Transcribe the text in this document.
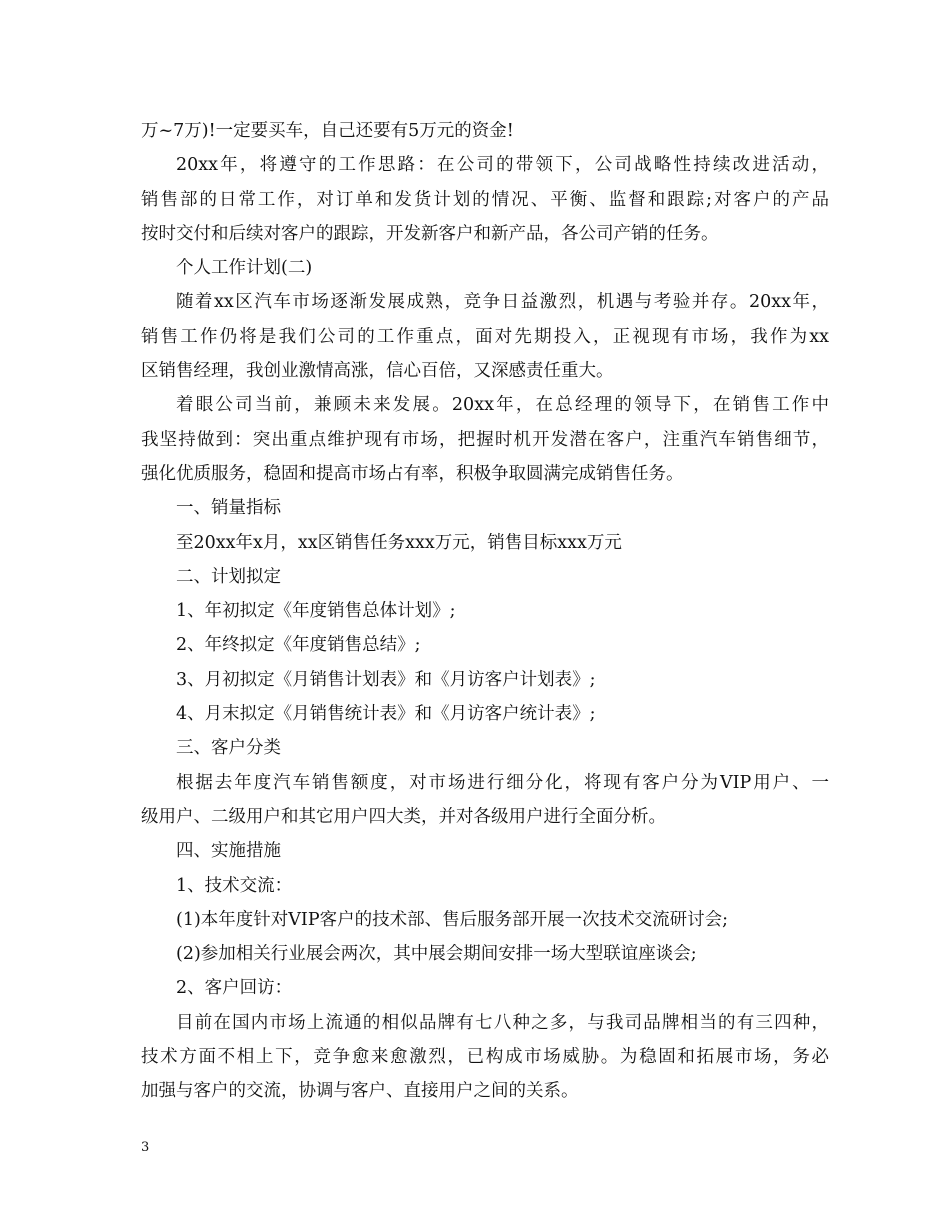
万~7万)!一定要买车，自己还要有5万元的资金!
20xx年，将遵守的工作思路：在公司的带领下，公司战略性持续改进活动，
销售部的日常工作，对订单和发货计划的情况、平衡、监督和跟踪;对客户的产品
按时交付和后续对客户的跟踪，开发新客户和新产品，各公司产销的任务。
个人工作计划(二)
随着xx区汽车市场逐渐发展成熟，竞争日益激烈，机遇与考验并存。20xx年，
销售工作仍将是我们公司的工作重点，面对先期投入，正视现有市场，我作为xx
区销售经理，我创业激情高涨，信心百倍，又深感责任重大。
着眼公司当前，兼顾未来发展。20xx年，在总经理的领导下，在销售工作中
我坚持做到：突出重点维护现有市场，把握时机开发潜在客户，注重汽车销售细节，
强化优质服务，稳固和提高市场占有率，积极争取圆满完成销售任务。
一、销量指标
至20xx年x月，xx区销售任务xxx万元，销售目标xxx万元
二、计划拟定
1、年初拟定《年度销售总体计划》;
2、年终拟定《年度销售总结》;
3、月初拟定《月销售计划表》和《月访客户计划表》;
4、月末拟定《月销售统计表》和《月访客户统计表》;
三、客户分类
根据去年度汽车销售额度，对市场进行细分化，将现有客户分为VIP用户、一
级用户、二级用户和其它用户四大类，并对各级用户进行全面分析。
四、实施措施
1、技术交流：
(1)本年度针对VIP客户的技术部、售后服务部开展一次技术交流研讨会;
(2)参加相关行业展会两次，其中展会期间安排一场大型联谊座谈会;
2、客户回访：
目前在国内市场上流通的相似品牌有七八种之多，与我司品牌相当的有三四种，
技术方面不相上下，竞争愈来愈激烈，已构成市场威胁。为稳固和拓展市场，务必
加强与客户的交流，协调与客户、直接用户之间的关系。
3
